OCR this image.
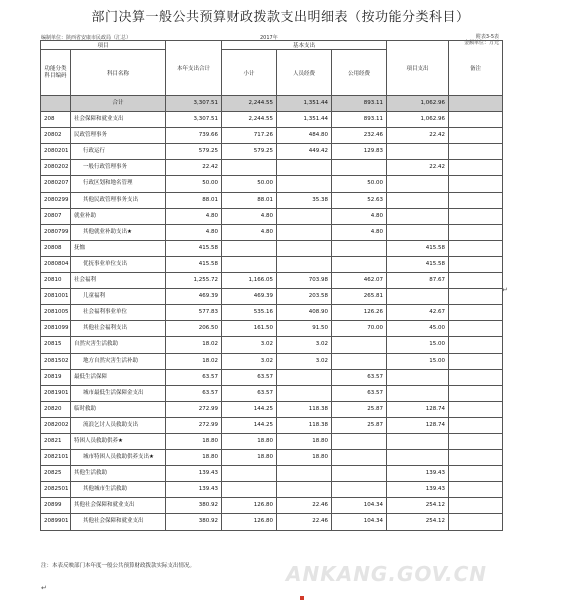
部门决算一般公共预算财政拨款支出明细表（按功能分类科目）
编制单位：陕西省安康市民政局（汇总）	2017年	附表3-5表
金额单位：万元
项目		本年支出合计	基本支出			项目支出	备注
功能分类科目编码	科目名称		小计	人员经费	公用经费		
	合计	3,307.51	2,244.55	1,351.44	893.11	1,062.96	
208	社会保障和就业支出	3,307.51	2,244.55	1,351.44	893.11	1,062.96	
20802	民政管理事务	739.66	717.26	484.80	232.46	22.42	
2080201	行政运行	579.25	579.25	449.42	129.83		
2080202	一般行政管理事务	22.42				22.42	
2080207	行政区划和地名管理	50.00	50.00		50.00		
2080299	其他民政管理事务支出	88.01	88.01	35.38	52.63		
20807	就业补助	4.80	4.80		4.80		
2080799	其他就业补助支出★	4.80	4.80		4.80		
20808	抚恤	415.58				415.58	
2080804	优抚事业单位支出	415.58				415.58	
20810	社会福利	1,255.72	1,166.05	703.98	462.07	87.67	
2081001	儿童福利	469.39	469.39	203.58	265.81		
2081005	社会福利事业单位	577.83	535.16	408.90	126.26	42.67	
2081099	其他社会福利支出	206.50	161.50	91.50	70.00	45.00	
20815	自然灾害生活救助	18.02	3.02	3.02		15.00	
2081502	地方自然灾害生活补助	18.02	3.02	3.02		15.00	
20819	最低生活保障	63.57	63.57		63.57		
2081901	城市最低生活保障金支出	63.57	63.57		63.57		
20820	临时救助	272.99	144.25	118.38	25.87	128.74	
2082002	流浪乞讨人员救助支出	272.99	144.25	118.38	25.87	128.74	
20821	特困人员救助供养★	18.80	18.80	18.80			
2082101	城市特困人员救助供养支出★	18.80	18.80	18.80			
20825	其他生活救助	139.43				139.43	
2082501	其他城市生活救助	139.43				139.43	
20899	其他社会保障和就业支出	380.92	126.80	22.46	104.34	254.12	
2089901	其他社会保障和就业支出	380.92	126.80	22.46	104.34	254.12	
注：本表反映部门本年度一般公共预算财政拨款实际支出情况。	ANKANG.GOV.CN
↵
↵
